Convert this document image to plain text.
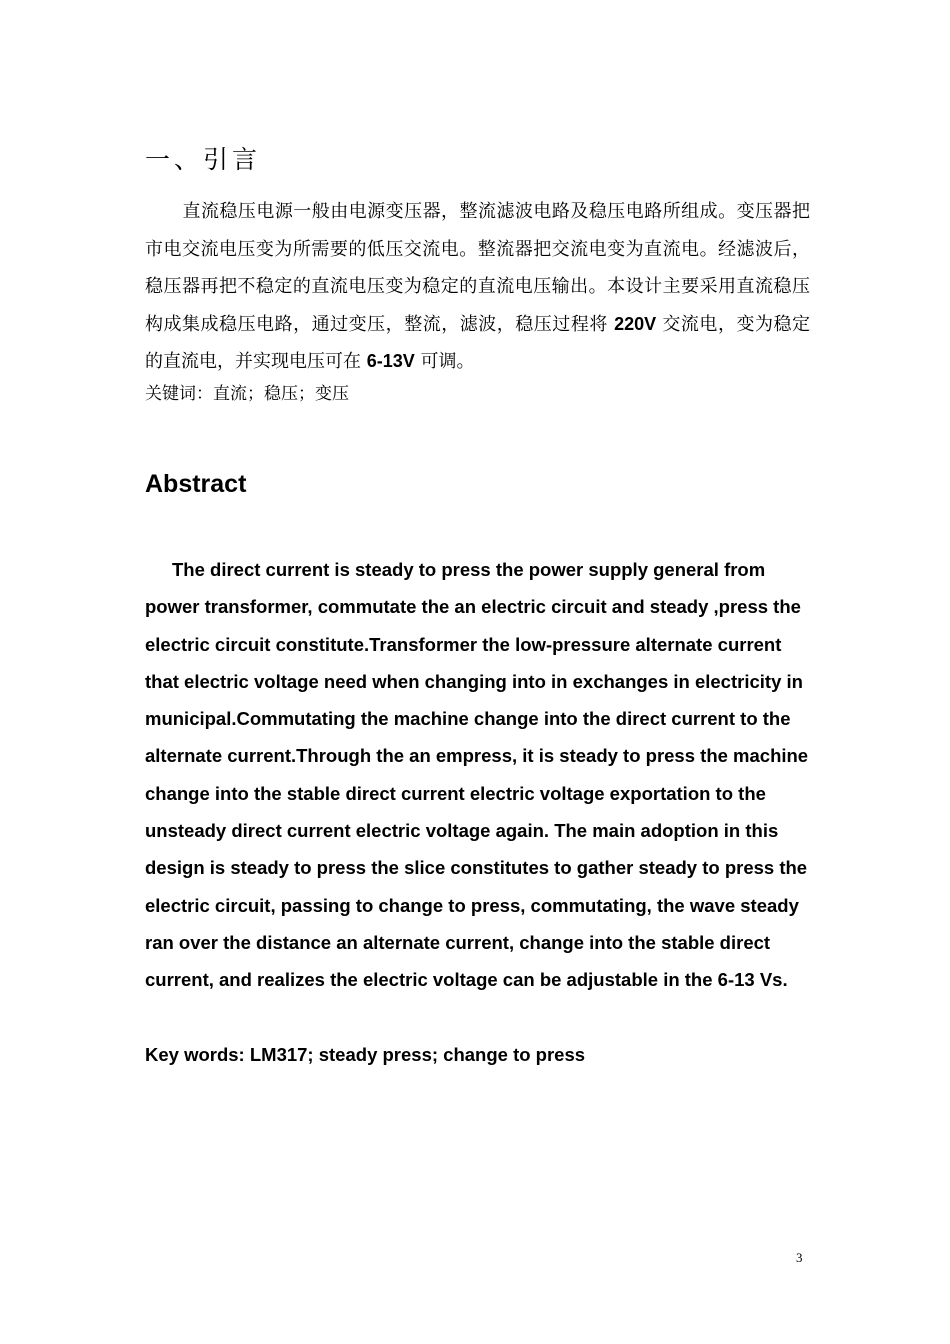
一、引言

直流稳压电源一般由电源变压器，整流滤波电路及稳压电路所组成。变压器把市电交流电压变为所需要的低压交流电。整流器把交流电变为直流电。经滤波后，稳压器再把不稳定的直流电压变为稳定的直流电压输出。本设计主要采用直流稳压构成集成稳压电路，通过变压，整流，滤波，稳压过程将 220V 交流电，变为稳定的直流电，并实现电压可在 6-13V 可调。

关键词：直流；稳压；变压
Abstract

The direct current is steady to press the power supply general from power transformer, commutate the an electric circuit and steady ,press the electric circuit constitute.Transformer the low-pressure alternate current that electric voltage need when changing into in exchanges in electricity in municipal.Commutating the machine change into the direct current to the alternate current.Through the an empress, it is steady to press the machine change into the stable direct current electric voltage exportation to the unsteady direct current electric voltage again. The main adoption in this design is steady to press the slice constitutes to gather steady to press the electric circuit, passing to change to press, commutating, the wave steady ran over the distance an alternate current, change into the stable direct current, and realizes the electric voltage can be adjustable in the 6-13 Vs.

Key words: LM317; steady press; change to press
3
